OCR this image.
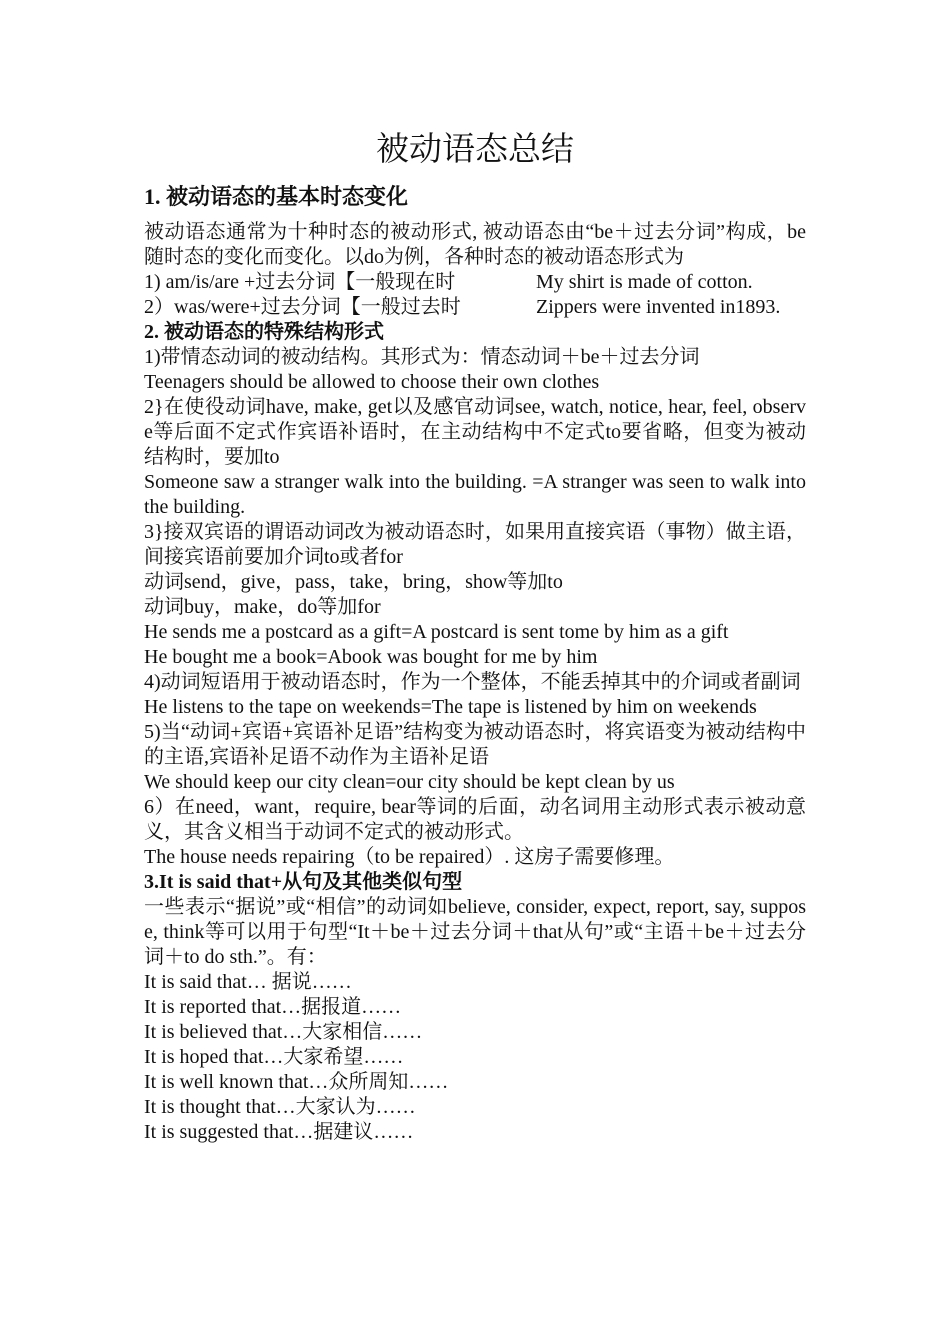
被动语态总结
1. 被动语态的基本时态变化

被动语态通常为十种时态的被动形式, 被动语态由“be＋过去分词”构成，be随时态的变化而变化。以do为例，各种时态的被动语态形式为

1) am/is/are +过去分词【一般现在时	My shirt is made of cotton.
2）was/were+过去分词【一般过去时	Zippers were invented in1893.
2. 被动语态的特殊结构形式

1)带情态动词的被动结构。其形式为：情态动词＋be＋过去分词

Teenagers should be allowed to choose their own clothes

2}在使役动词have, make, get以及感官动词see, watch, notice, hear, feel, observe等后面不定式作宾语补语时，在主动结构中不定式to要省略，但变为被动结构时，要加to

Someone saw a stranger walk into the building. =A stranger was seen to walk into the building.

3}接双宾语的谓语动词改为被动语态时，如果用直接宾语（事物）做主语，间接宾语前要加介词to或者for

动词send，give，pass，take，bring，show等加to

动词buy，make，do等加for

He sends me a postcard as a gift=A postcard is sent tome by him as a gift

He bought me a book=Abook was bought for me by him

4)动词短语用于被动语态时，作为一个整体，不能丢掉其中的介词或者副词

He listens to the tape on weekends=The tape is listened by him on weekends

5)当“动词+宾语+宾语补足语”结构变为被动语态时，将宾语变为被动结构中的主语,宾语补足语不动作为主语补足语

We should keep our city clean=our city should be kept clean by us

6）在need，want，require, bear等词的后面，动名词用主动形式表示被动意义，其含义相当于动词不定式的被动形式。

The house needs repairing（to be repaired）. 这房子需要修理。

3.It is said that+从句及其他类似句型

一些表示“据说”或“相信”的动词如believe, consider, expect, report, say, suppose, think等可以用于句型“It＋be＋过去分词＋that从句”或“主语＋be＋过去分词＋to do sth.”。有：

It is said that… 据说……

It is reported that…据报道……

It is believed that…大家相信……

It is hoped that…大家希望……

It is well known that…众所周知……

It is thought that…大家认为……

It is suggested that…据建议……
